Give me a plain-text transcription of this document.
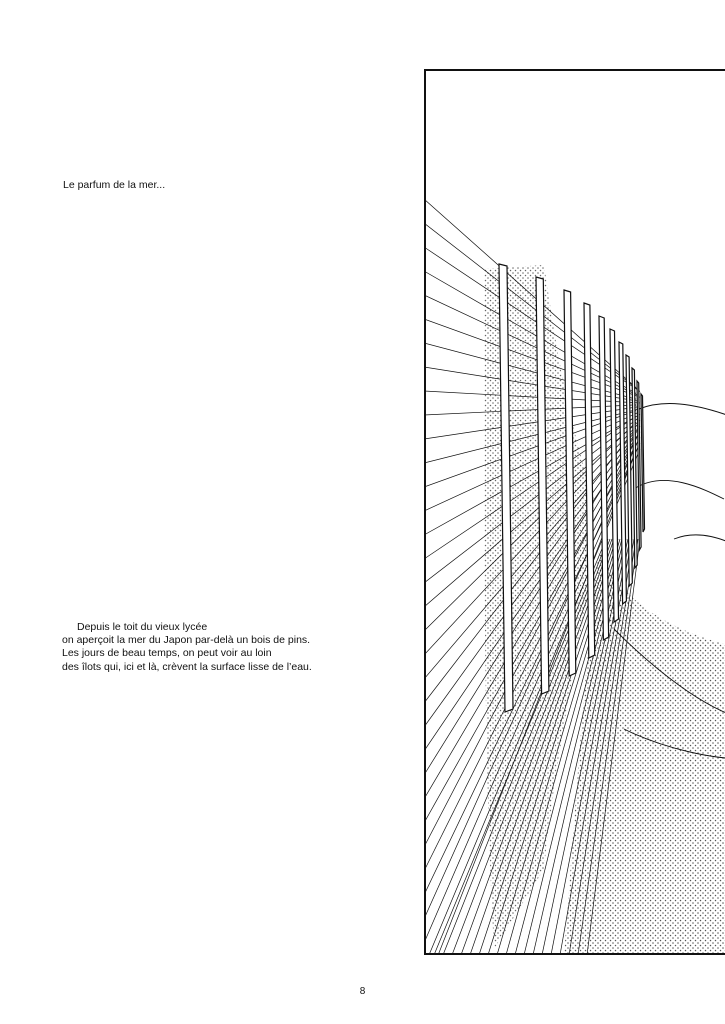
Le parfum de la mer...
Depuis le toit du vieux lycée
on aperçoit la mer du Japon par-delà un bois de pins.
Les jours de beau temps, on peut voir au loin
des îlots qui, ici et là, crèvent la surface lisse de l’eau.
8
